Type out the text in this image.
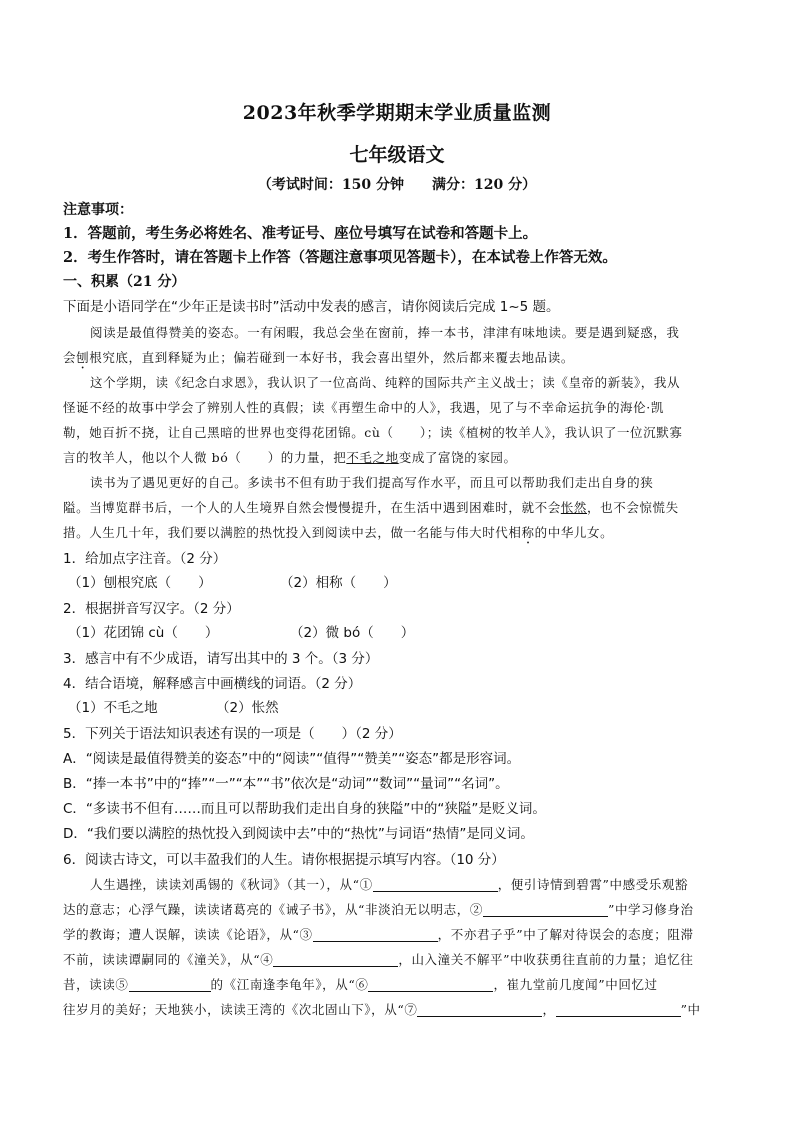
2023年秋季学期期末学业质量监测
七年级语文
（考试时间：150 分钟　　满分：120 分）
注意事项：
1．答题前，考生务必将姓名、准考证号、座位号填写在试卷和答题卡上。
2．考生作答时，请在答题卡上作答（答题注意事项见答题卡），在本试卷上作答无效。
一、积累（21 分）
下面是小语同学在“少年正是读书时”活动中发表的感言，请你阅读后完成 1~5 题。
阅读是最值得赞美的姿态。一有闲暇，我总会坐在窗前，捧一本书，津津有味地读。要是遇到疑惑，我
会刨根究底，直到释疑为止；偏若碰到一本好书，我会喜出望外，然后都来覆去地品读。
这个学期，读《纪念白求恩》，我认识了一位高尚、纯粹的国际共产主义战士；读《皇帝的新装》，我从
怪诞不经的故事中学会了辨别人性的真假；读《再塑生命中的人》，我遇，见了与不幸命运抗争的海伦·凯
勒，她百折不挠，让自己黑暗的世界也变得花团锦。cù（　　）；读《植树的牧羊人》，我认识了一位沉默寡
言的牧羊人，他以个人微 bó（　　）的力量，把不毛之地变成了富饶的家园。
读书为了遇见更好的自己。多读书不但有助于我们提高写作水平，而且可以帮助我们走出自身的狭
隘。当博览群书后，一个人的人生境界自然会慢慢提升，在生活中遇到困难时，就不会怅然，也不会惊慌失
措。人生几十年，我们要以满腔的热忱投入到阅读中去，做一名能与伟大时代相称的中华儿女。
1．给加点字注音。（2 分）
（1）刨根究底（　　）	（2）相称（　　）
2．根据拼音写汉字。（2 分）
（1）花团锦 cù（　　）	（2）微 bó（　　）
3．感言中有不少成语，请写出其中的 3 个。（3 分）
4．结合语境，解释感言中画横线的词语。（2 分）
（1）不毛之地	（2）怅然
5．下列关于语法知识表述有误的一项是（　　）（2 分）
A．“阅读是最值得赞美的姿态”中的“阅读”“值得”“赞美”“姿态”都是形容词。
B．“捧一本书”中的“捧”“一”“本”“书”依次是“动词”“数词”“量词”“名词”。
C．“多读书不但有……而且可以帮助我们走出自身的狭隘”中的“狭隘”是贬义词。
D．“我们要以满腔的热忱投入到阅读中去”中的“热忱”与词语“热情”是同义词。
6．阅读古诗文，可以丰盈我们的人生。请你根据提示填写内容。（10 分）
人生遇挫，读读刘禹锡的《秋词》（其一），从“①	，便引诗情到碧霄”中感受乐观豁
达的意志；心浮气躁，读读诸葛亮的《诫子书》，从“非淡泊无以明志，②	”中学习修身治
学的教诲；遭人误解，读读《论语》，从“③	，不亦君子乎”中了解对待误会的态度；阻滞
不前，读读谭嗣同的《潼关》，从“④	，山入潼关不解平”中收获勇往直前的力量；追忆往
昔，读读⑤	的《江南逢李龟年》，从“⑥	，崔九堂前几度闻”中回忆过
往岁月的美好；天地狭小，读读王湾的《次北固山下》，从“⑦	，	”中
